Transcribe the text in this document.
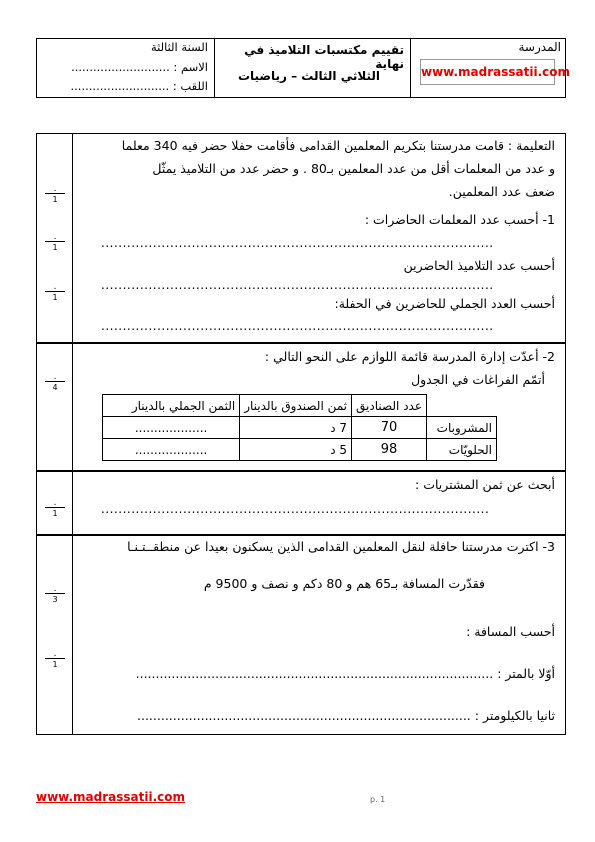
المدرسة
www.madrassatii.com
تقييم مكتسبات التلاميذ في نهاية
الثلاثي الثالث – رياضيات
السنة الثالثة
الاسم : ...........................
اللقب : ...........................
.
1
.
1
.
1
التعليمة : قامت مدرستنا بتكريم المعلمين القدامى فأقامت حفلا حضر فيه 340 معلما
و عدد من المعلمات أقل من عدد المعلمين بـ80 . و حضر عدد من التلاميذ يمثّل
ضعف عدد المعلمين.
1- أحسب عدد المعلمات الحاضرات :
...........................................................................................
أحسب عدد التلاميذ الحاضرين
...........................................................................................
أحسب العدد الجملي للحاضرين في الحفلة:
...........................................................................................
.
4
2- أعدّت إدارة المدرسة قائمة اللوازم على النحو التالي :
أتمّم الفراغات في الجدول
	عدد الصناديق	ثمن الصندوق بالدينار	الثمن الجملي بالدينار
المشروبات	70	7 د	...................
الحلويّات	98	5 د	...................
.
1
أبحث عن ثمن المشتريات :
..........................................................................................
.
3
.
1
3- اكترت مدرستنا حافلة لنقل المعلمين القدامى الذين يسكنون بعيدا عن منطقــتـنـا
فقدّرت المسافة بـ65 هم و 80 دكم و نصف و 9500 م
أحسب المسافة :
أوّلا بالمتر : ..........................................................................................
ثانيا بالكيلومتر : ....................................................................................
www.madrassatii.com	p. 1
